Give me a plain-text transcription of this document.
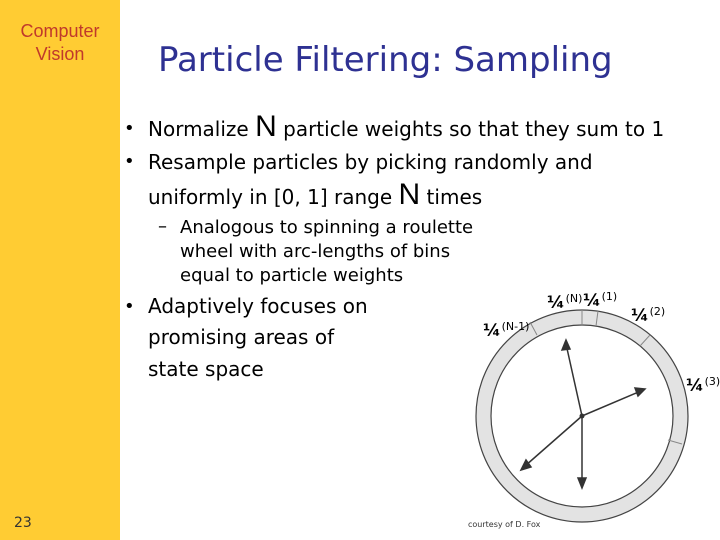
Computer
Vision
23
Particle Filtering: Sampling
• Normalize N particle weights so that they sum to 1
• Resample particles by picking randomly and
uniformly in [0, 1] range N times
– Analogous to spinning a roulette
wheel with arc-lengths of bins
equal to particle weights
• Adaptively focuses on
promising areas of
state space
¼$^{(N)}$ ¼$^{(1)}$
¼$^{(2)}$
¼$^{(3)}$
¼$^{(N-1)}$
courtesy of D. Fox
